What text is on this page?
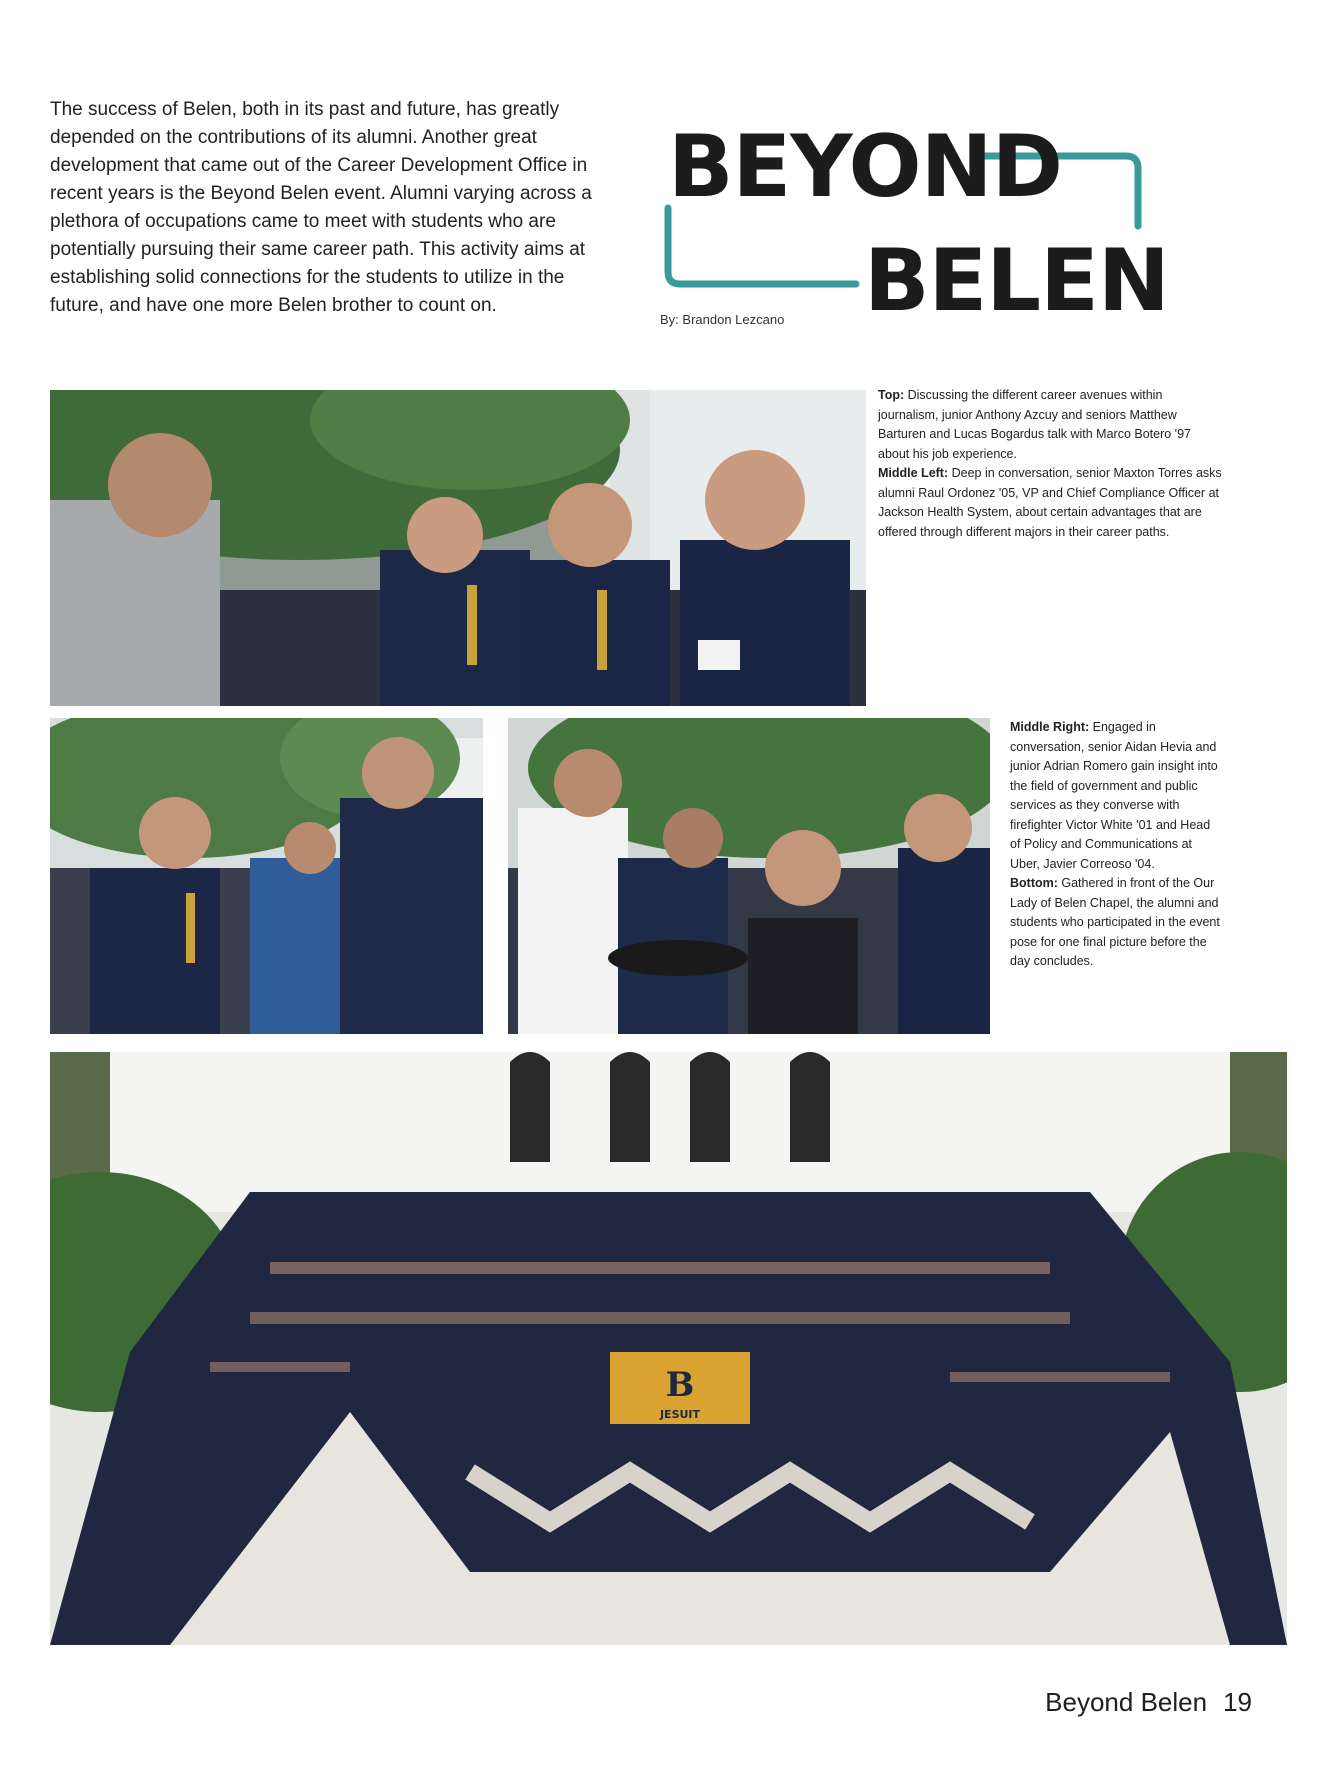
The success of Belen, both in its past and future, has greatly depended on the contributions of its alumni. Another great development that came out of the Career Development Office in recent years is the Beyond Belen event. Alumni varying across a plethora of occupations came to meet with students who are potentially pursuing their same career path. This activity aims at establishing solid connections for the students to utilize in the future, and have one more Belen brother to count on.

BEYOND
BELEN

By: Brandon Lezcano

Top: Discussing the different career avenues within journalism, junior Anthony Azcuy and seniors Matthew Barturen and Lucas Bogardus talk with Marco Botero '97 about his job experience.

Middle Left: Deep in conversation, senior Maxton Torres asks alumni Raul Ordonez '05, VP and Chief Compliance Officer at Jackson Health System, about certain advantages that are offered through different majors in their career paths.

Middle Right: Engaged in conversation, senior Aidan Hevia and junior Adrian Romero gain insight into the field of government and public services as they converse with firefighter Victor White '01 and Head of Policy and Communications at Uber, Javier Correoso '04.

Bottom: Gathered in front of the Our Lady of Belen Chapel, the alumni and students who participated in the event pose for one final picture before the day concludes.

B
JESUIT
Beyond Belen 19
